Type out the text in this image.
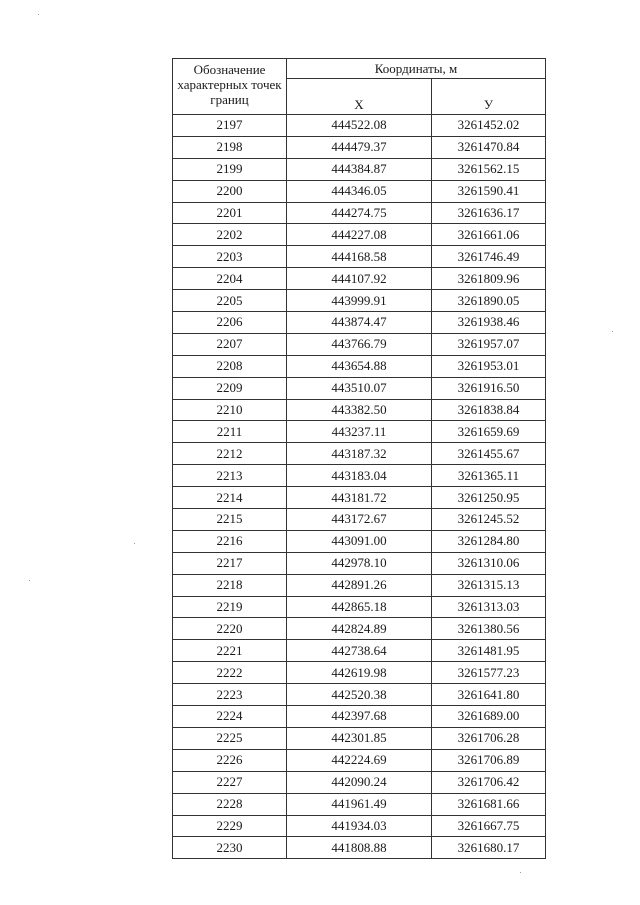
Обозначение характерных точек границ	Координаты, м	
	X	У
2197	444522.08	3261452.02
2198	444479.37	3261470.84
2199	444384.87	3261562.15
2200	444346.05	3261590.41
2201	444274.75	3261636.17
2202	444227.08	3261661.06
2203	444168.58	3261746.49
2204	444107.92	3261809.96
2205	443999.91	3261890.05
2206	443874.47	3261938.46
2207	443766.79	3261957.07
2208	443654.88	3261953.01
2209	443510.07	3261916.50
2210	443382.50	3261838.84
2211	443237.11	3261659.69
2212	443187.32	3261455.67
2213	443183.04	3261365.11
2214	443181.72	3261250.95
2215	443172.67	3261245.52
2216	443091.00	3261284.80
2217	442978.10	3261310.06
2218	442891.26	3261315.13
2219	442865.18	3261313.03
2220	442824.89	3261380.56
2221	442738.64	3261481.95
2222	442619.98	3261577.23
2223	442520.38	3261641.80
2224	442397.68	3261689.00
2225	442301.85	3261706.28
2226	442224.69	3261706.89
2227	442090.24	3261706.42
2228	441961.49	3261681.66
2229	441934.03	3261667.75
2230	441808.88	3261680.17
